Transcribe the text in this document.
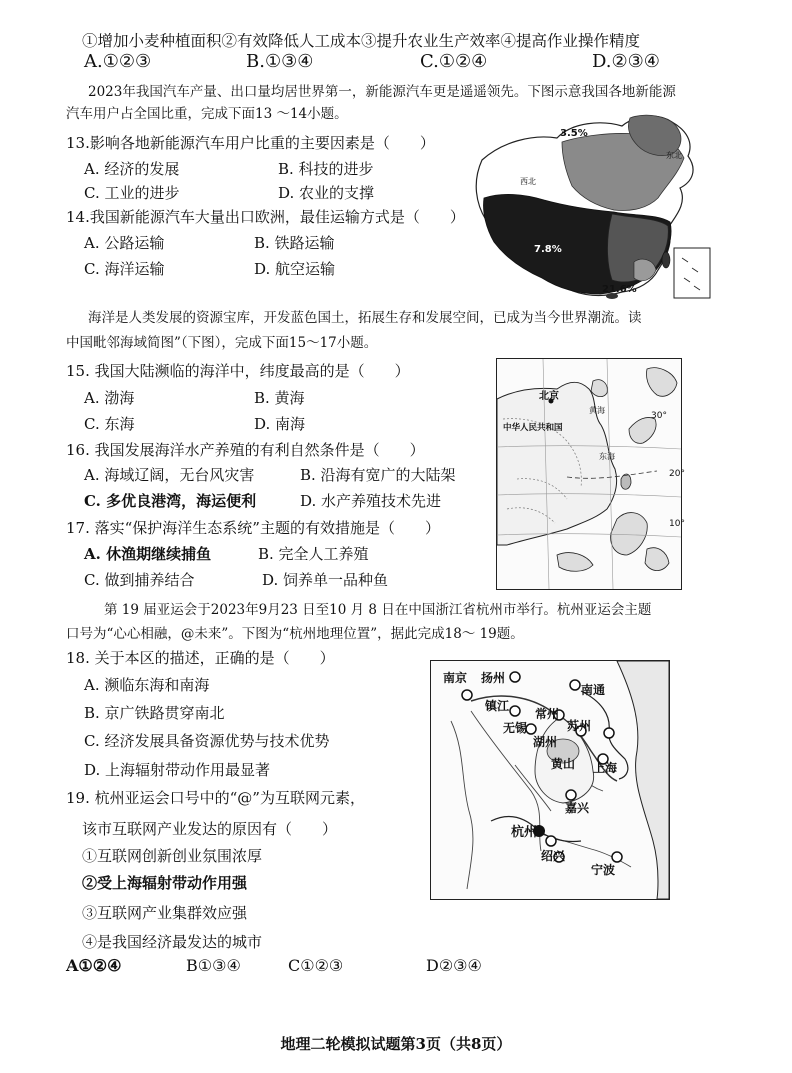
①增加小麦种植面积②有效降低人工成本③提升农业生产效率④提高作业操作精度
A.①②③	B.①③④	C.①②④	D.②③④
2023年我国汽车产量、出口量均居世界第一，新能源汽车更是遥遥领先。下图示意我国各地新能源
汽车用户占全国比重，完成下面13 ～14小题。
13.影响各地新能源汽车用户比重的主要因素是（　　）
A. 经济的发展	B. 科技的进步
C. 工业的进步	D. 农业的支撑
14.我国新能源汽车大量出口欧洲，最佳运输方式是（　　）
A. 公路运输	B. 铁路运输
C. 海洋运输	D. 航空运输
3.5%
东北
西北
7.8%
21.6%
海洋是人类发展的资源宝库，开发蓝色国土，拓展生存和发展空间，已成为当今世界潮流。读
中国毗邻海域简图”（下图），完成下面15～17小题。
15. 我国大陆濒临的海洋中，纬度最高的是（　　）
A. 渤海	B. 黄海
C. 东海	D. 南海
16. 我国发展海洋水产养殖的有利自然条件是（　　）
A. 海域辽阔，无台风灾害	B. 沿海有宽广的大陆架
C. 多优良港湾，海运便利	D. 水产养殖技术先进
17. 落实“保护海洋生态系统”主题的有效措施是（　　）
A. 休渔期继续捕鱼	B. 完全人工养殖
C. 做到捕养结合	D. 饲养单一品种鱼
北京
黄海
中华人民共和国
东海
30°
20°
10°
第 19 届亚运会于2023年9月23 日至10 月 8 日在中国浙江省杭州市举行。杭州亚运会主题
口号为“心心相融，@未来”。下图为“杭州地理位置”，据此完成18～ 19题。
18. 关于本区的描述，正确的是（　　）
A. 濒临东海和南海
B. 京广铁路贯穿南北
C. 经济发展具备资源优势与技术优势
D. 上海辐射带动作用最显著
19. 杭州亚运会口号中的“@”为互联网元素，
该市互联网产业发达的原因有（　　）
①互联网创新创业氛围浓厚
②受上海辐射带动作用强
③互联网产业集群效应强
④是我国经济最发达的城市
A①②④	B①③④	C①②③	D②③④
南京 扬州
南通
镇江
常州
苏州
无锡
上海
湖州
嘉兴
杭州
绍兴
宁波
黄山
地理二轮模拟试题第3页（共8页）
